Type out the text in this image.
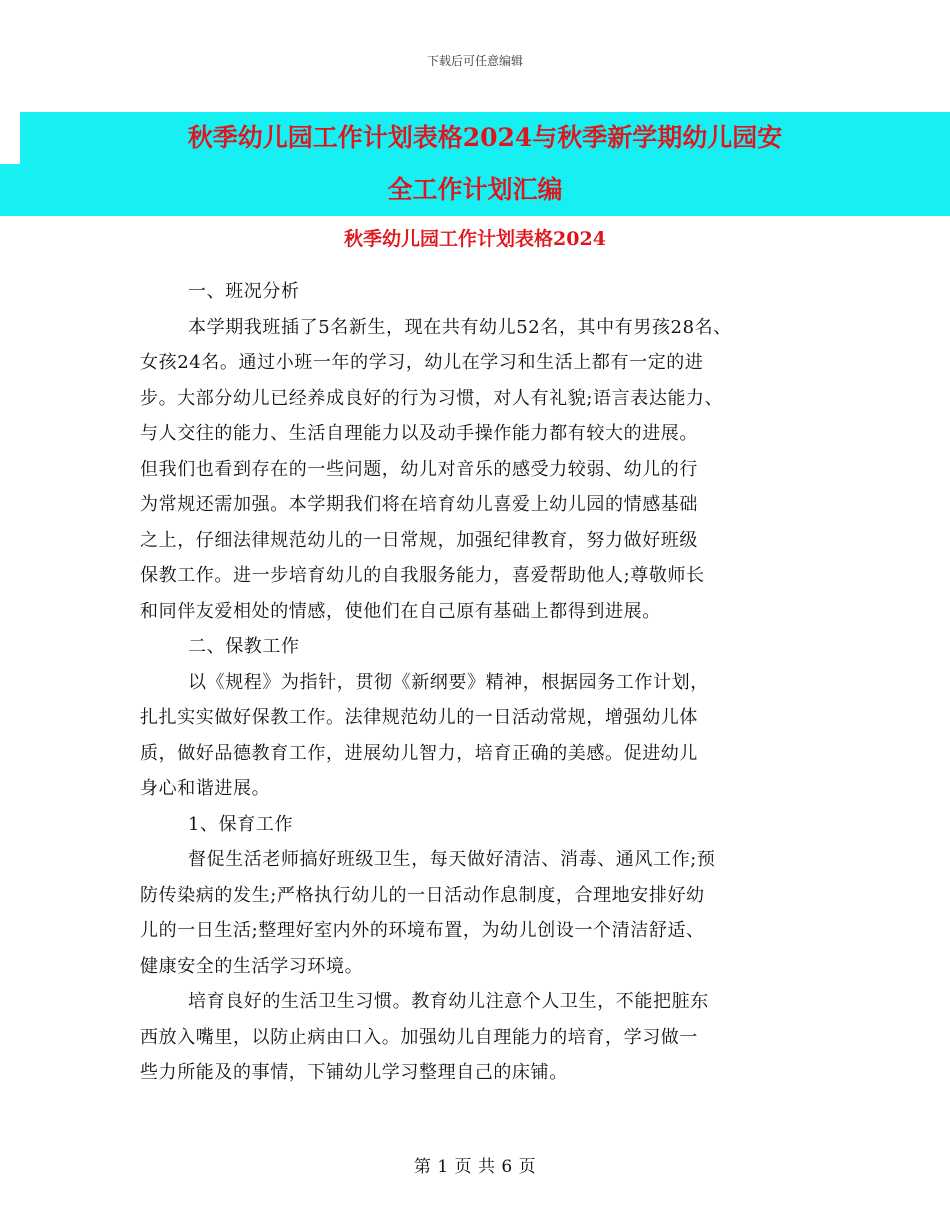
下载后可任意编辑
秋季幼儿园工作计划表格2024与秋季新学期幼儿园安
全工作计划汇编
秋季幼儿园工作计划表格2024
一、班况分析
本学期我班插了5名新生，现在共有幼儿52名，其中有男孩28名、
女孩24名。通过小班一年的学习，幼儿在学习和生活上都有一定的进
步。大部分幼儿已经养成良好的行为习惯，对人有礼貌;语言表达能力、
与人交往的能力、生活自理能力以及动手操作能力都有较大的进展。
但我们也看到存在的一些问题，幼儿对音乐的感受力较弱、幼儿的行
为常规还需加强。本学期我们将在培育幼儿喜爱上幼儿园的情感基础
之上，仔细法律规范幼儿的一日常规，加强纪律教育，努力做好班级
保教工作。进一步培育幼儿的自我服务能力，喜爱帮助他人;尊敬师长
和同伴友爱相处的情感，使他们在自己原有基础上都得到进展。
二、保教工作
以《规程》为指针，贯彻《新纲要》精神，根据园务工作计划，
扎扎实实做好保教工作。法律规范幼儿的一日活动常规，增强幼儿体
质，做好品德教育工作，进展幼儿智力，培育正确的美感。促进幼儿
身心和谐进展。
1、保育工作
督促生活老师搞好班级卫生，每天做好清洁、消毒、通风工作;预
防传染病的发生;严格执行幼儿的一日活动作息制度，合理地安排好幼
儿的一日生活;整理好室内外的环境布置，为幼儿创设一个清洁舒适、
健康安全的生活学习环境。
培育良好的生活卫生习惯。教育幼儿注意个人卫生，不能把脏东
西放入嘴里，以防止病由口入。加强幼儿自理能力的培育，学习做一
些力所能及的事情，下铺幼儿学习整理自己的床铺。
第 1 页 共 6 页
